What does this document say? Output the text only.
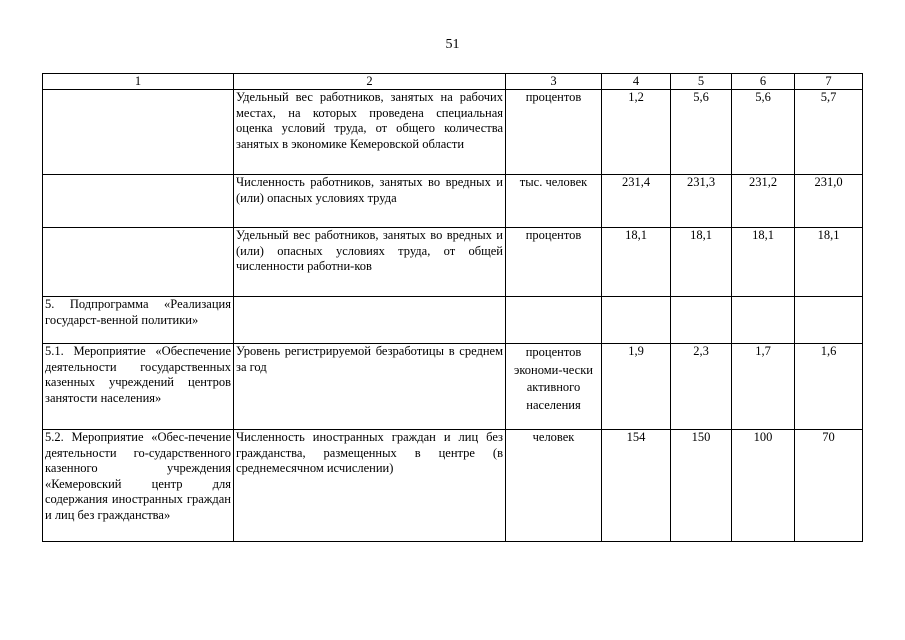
51
1	2	3	4	5	6	7
	Удельный вес работников, занятых на рабочих местах, на которых проведена специальная оценка условий труда, от общего количества занятых в экономике Кемеровской области	процентов	1,2	5,6	5,6	5,7
	Численность работников, занятых во вредных и (или) опасных условиях труда	тыс. человек	231,4	231,3	231,2	231,0
	Удельный вес работников, занятых во вредных и (или) опасных условиях труда, от общей численности работни-ков	процентов	18,1	18,1	18,1	18,1
5. Подпрограмма «Реализация государст-венной политики»						
5.1. Мероприятие «Обеспечение деятельности государственных казенных учреждений центров занятости населения»	Уровень регистрируемой безработицы в среднем за год	процентов экономи-чески активного населения	1,9	2,3	1,7	1,6
5.2. Мероприятие «Обес-печение деятельности го-сударственного казенного учреждения «Кемеровский центр для содержания иностранных граждан и лиц без гражданства»	Численность иностранных граждан и лиц без гражданства, размещенных в центре (в среднемесячном исчислении)	человек	154	150	100	70
